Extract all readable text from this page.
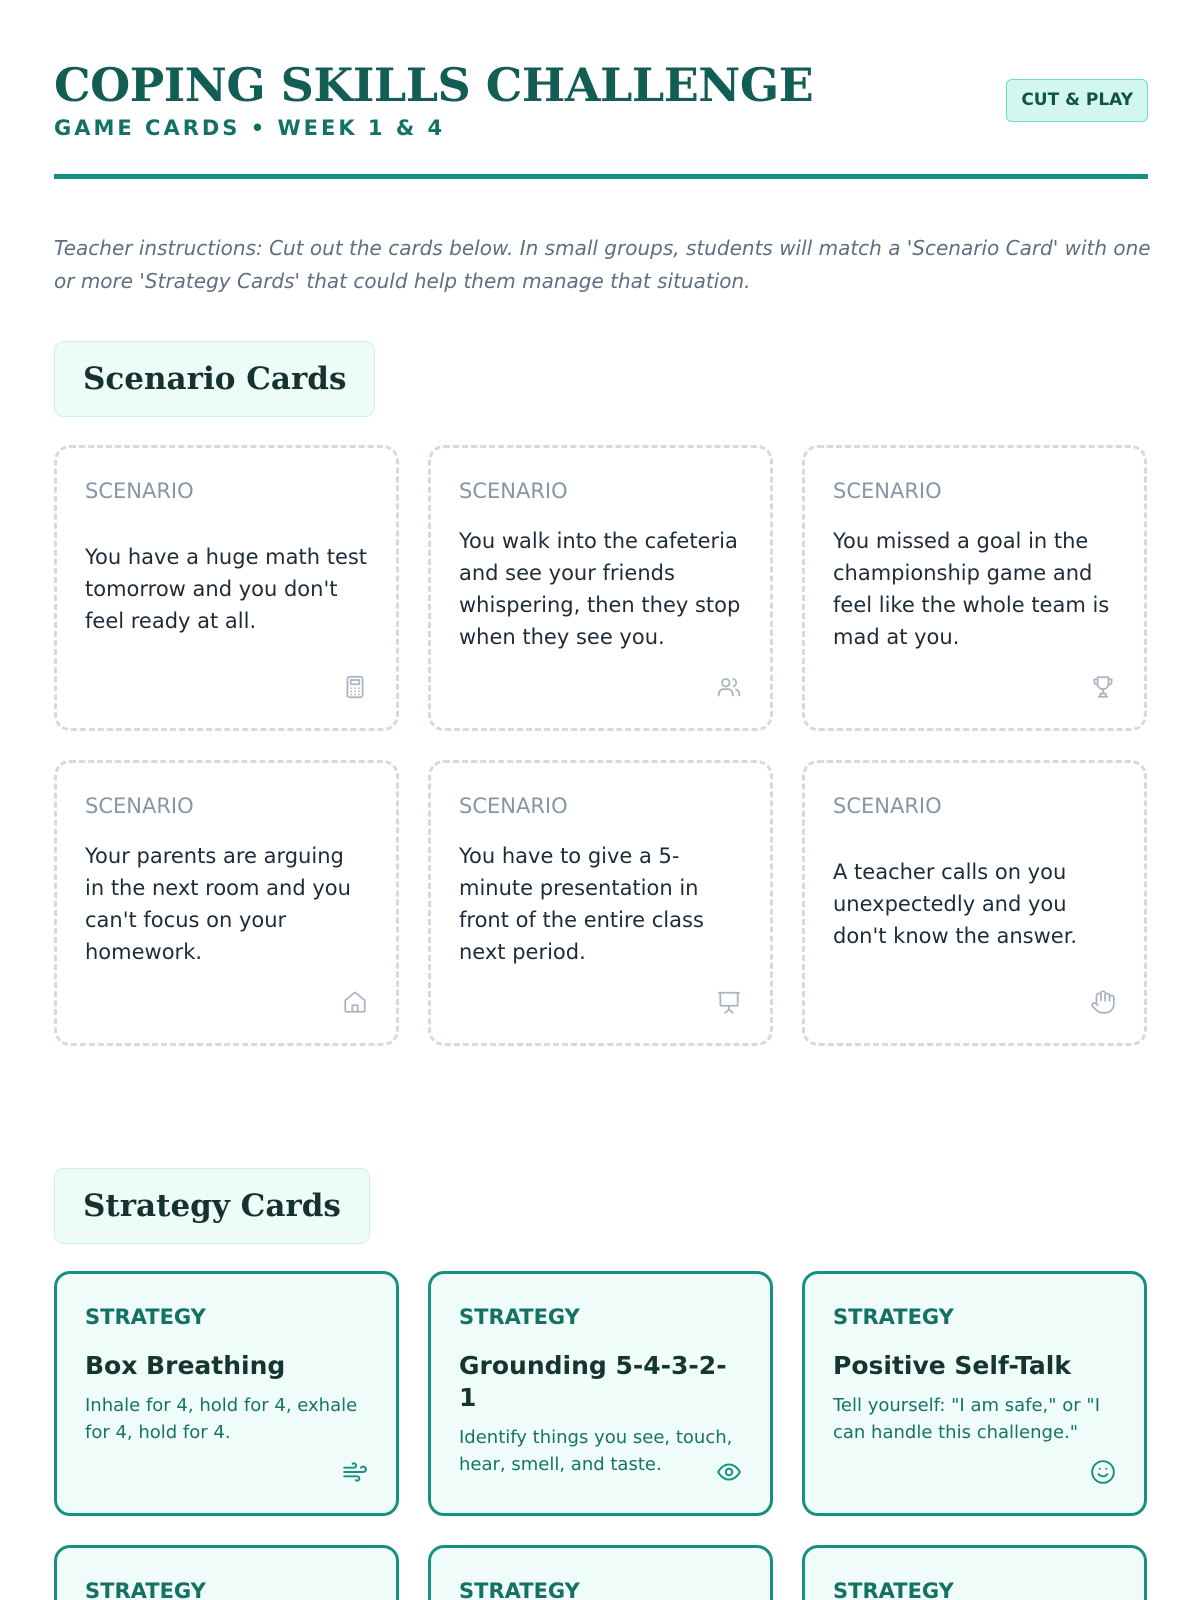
COPING SKILLS CHALLENGE
GAME CARDS • WEEK 1 & 4
CUT & PLAY

Teacher instructions: Cut out the cards below. In small groups, students will match a 'Scenario Card' with one or more 'Strategy Cards' that could help them manage that situation.

Scenario Cards
SCENARIO
You have a huge math test tomorrow and you don't feel ready at all.
SCENARIO
You walk into the cafeteria and see your friends whispering, then they stop when they see you.
SCENARIO
You missed a goal in the championship game and feel like the whole team is mad at you.
SCENARIO
Your parents are arguing in the next room and you can't focus on your homework.
SCENARIO
You have to give a 5-minute presentation in front of the entire class next period.
SCENARIO
A teacher calls on you unexpectedly and you don't know the answer.
Strategy Cards
STRATEGY
Box Breathing
Inhale for 4, hold for 4, exhale for 4, hold for 4.
STRATEGY
Grounding 5-4-3-2-1
Identify things you see, touch, hear, smell, and taste.
STRATEGY
Positive Self-Talk
Tell yourself: "I am safe," or "I can handle this challenge."
STRATEGY	STRATEGY	STRATEGY
